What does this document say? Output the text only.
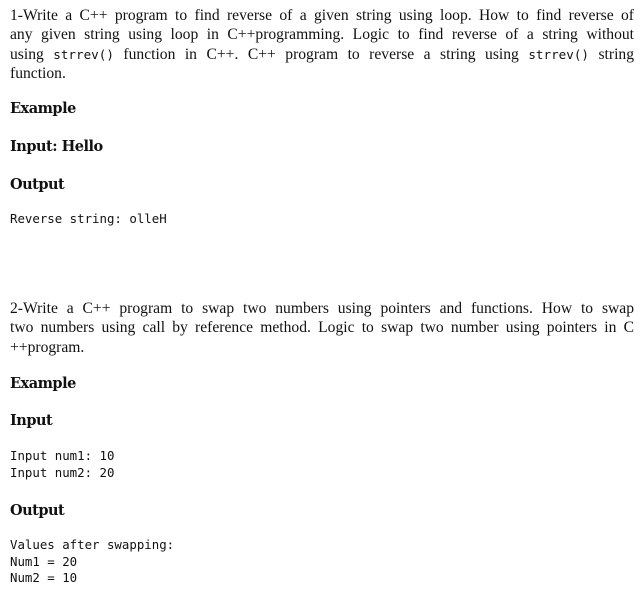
1-Write a C++ program to find reverse of a given string using loop. How to find reverse of
any given string using loop in C++programming. Logic to find reverse of a string without
using strrev() function in C++. C++ program to reverse a string using strrev() string
function.
Example
Input: Hello
Output
Reverse string: olleH
2-Write a C++ program to swap two numbers using pointers and functions. How to swap
two numbers using call by reference method. Logic to swap two number using pointers in C
++program.
Example
Input
Input num1: 10
Input num2: 20
Output
Values after swapping:
Num1 = 20
Num2 = 10
